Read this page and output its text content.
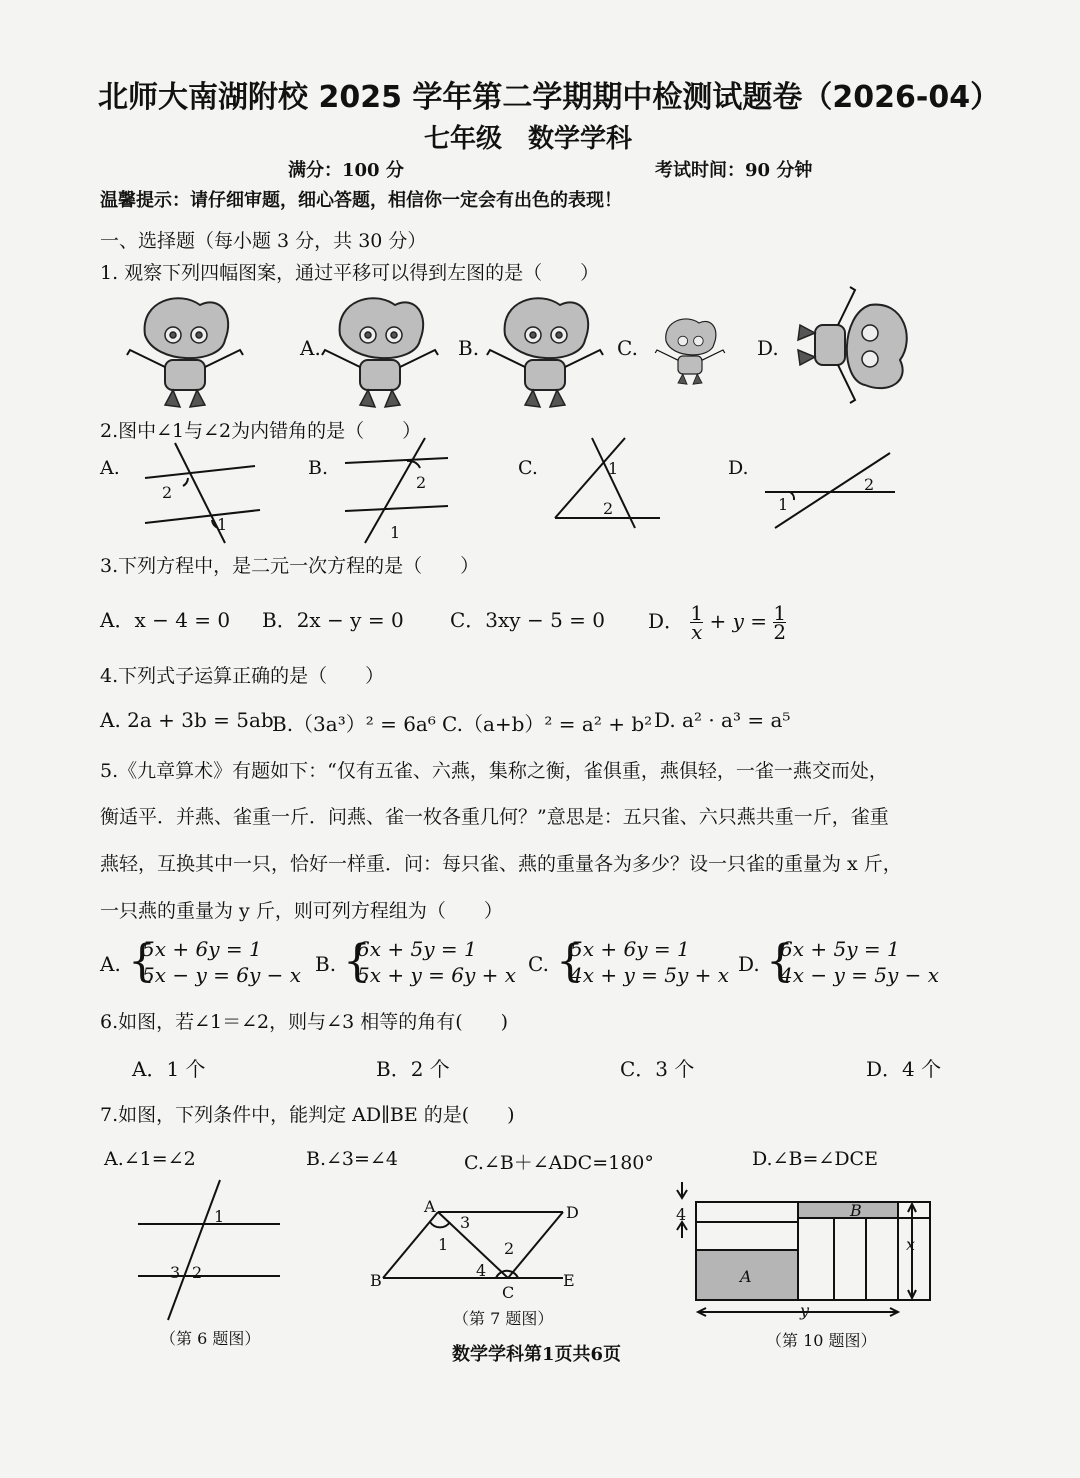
北师大南湖附校 2025 学年第二学期期中检测试题卷（2026-04）
七年级　数学学科
满分：100 分	考试时间：90 分钟
温馨提示：请仔细审题，细心答题，相信你一定会有出色的表现！
一、选择题（每小题 3 分，共 30 分）
1. 观察下列四幅图案，通过平移可以得到左图的是（　　）
A.	B.	C.	D.
2.图中∠1与∠2为内错角的是（　　）
A.
2
1
B.
2
1
C.	1
2
D.
1
2
3.下列方程中，是二元一次方程的是（　　）
A．x − 4 = 0 B．2x − y = 0 C．3xy − 5 = 0 D． $\frac{1}{x} + y = \frac{1}{2}$
4.下列式子运算正确的是（　　）
A. 2a + 3b = 5ab
B.（3a³）² = 6a⁶ C.（a+b）² = a² + b² D. a² · a³ = a⁵
5.《九章算术》有题如下：“仅有五雀、六燕，集称之衡，雀俱重，燕俱轻，一雀一燕交而处，
衡适平．并燕、雀重一斤．问燕、雀一枚各重几何？”意思是：五只雀、六只燕共重一斤，雀重
燕轻，互换其中一只，恰好一样重．问：每只雀、燕的重量各为多少？设一只雀的重量为 x 斤，
一只燕的重量为 y 斤，则可列方程组为（　　）
A. {
5x + 6y = 1
5x − y = 6y − x B. {
6x + 5y = 1
5x + y = 6y + x C. {
5x + 6y = 1
4x + y = 5y + x D. {
6x + 5y = 1
4x − y = 5y − x
6.如图，若∠1＝∠2，则与∠3 相等的角有(　　)
A．1 个	B．2 个	C．3 个	D．4 个
7.如图，下列条件中，能判定 AD∥BE 的是(　　)
A.∠1=∠2	B.∠3=∠4	C.∠B＋∠ADC=180°	D.∠B=∠DCE
1
3 2
（第 6 题图）
A	D
B
C
E
1	2
3
4
（第 7 题图）
4	B
A
x
y
（第 10 题图）
数学学科第1页共6页
